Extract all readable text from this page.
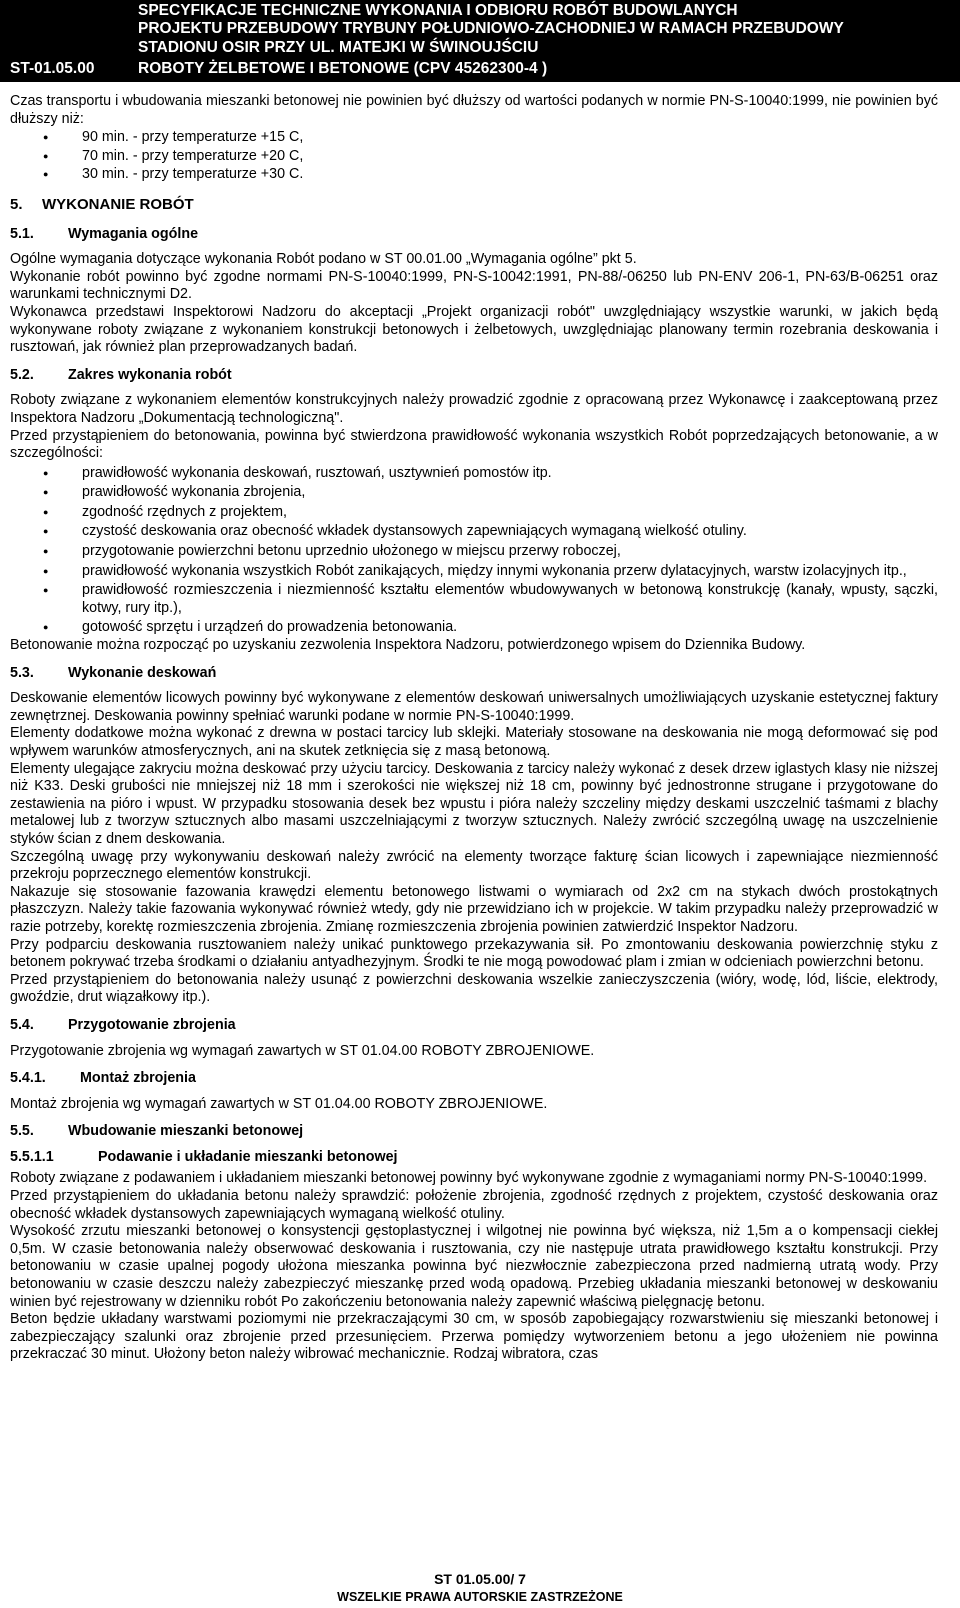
SPECYFIKACJE TECHNICZNE WYKONANIA I ODBIORU ROBÓT BUDOWLANYCH
PROJEKTU PRZEBUDOWY TRYBUNY POŁUDNIOWO-ZACHODNIEJ W RAMACH PRZEBUDOWY
STADIONU OSIR PRZY UL. MATEJKI W ŚWINOUJŚCIU
ST-01.05.00	ROBOTY ŻELBETOWE I BETONOWE (CPV 45262300-4 )

Czas transportu i wbudowania mieszanki betonowej nie powinien być dłuższy od wartości podanych w normie PN-S-10040:1999, nie powinien być dłuższy niż:

● 90 min. - przy temperaturze +15 C,
● 70 min. - przy temperaturze +20 C,
● 30 min. - przy temperaturze +30 C.
5. WYKONANIE ROBÓT
5.1. Wymagania ogólne

Ogólne wymagania dotyczące wykonania Robót podano w ST 00.01.00 „Wymagania ogólne” pkt 5.

Wykonanie robót powinno być zgodne normami PN-S-10040:1999, PN-S-10042:1991, PN-88/-06250 lub PN-ENV 206-1, PN-63/B-06251 oraz warunkami technicznymi D2.

Wykonawca przedstawi Inspektorowi Nadzoru do akceptacji „Projekt organizacji robót" uwzględniający wszystkie warunki, w jakich będą wykonywane roboty związane z wykonaniem konstrukcji betonowych i żelbetowych, uwzględniając planowany termin rozebrania deskowania i rusztowań, jak również plan przeprowadzanych badań.

5.2. Zakres wykonania robót

Roboty związane z wykonaniem elementów konstrukcyjnych należy prowadzić zgodnie z opracowaną przez Wykonawcę i zaakceptowaną przez Inspektora Nadzoru „Dokumentacją technologiczną".

Przed przystąpieniem do betonowania, powinna być stwierdzona prawidłowość wykonania wszystkich Robót poprzedzających betonowanie, a w szczególności:

● prawidłowość wykonania deskowań, rusztowań, usztywnień pomostów itp.
● prawidłowość wykonania zbrojenia,
● zgodność rzędnych z projektem,
● czystość deskowania oraz obecność wkładek dystansowych zapewniających wymaganą wielkość otuliny.
● przygotowanie powierzchni betonu uprzednio ułożonego w miejscu przerwy roboczej,
● prawidłowość wykonania wszystkich Robót zanikających, między innymi wykonania przerw dylatacyjnych, warstw izolacyjnych itp.,
● prawidłowość rozmieszczenia i niezmienność kształtu elementów wbudowywanych w betonową konstrukcję (kanały, wpusty, sączki, kotwy, rury itp.),
● gotowość sprzętu i urządzeń do prowadzenia betonowania.

Betonowanie można rozpocząć po uzyskaniu zezwolenia Inspektora Nadzoru, potwierdzonego wpisem do Dziennika Budowy.

5.3. Wykonanie deskowań

Deskowanie elementów licowych powinny być wykonywane z elementów deskowań uniwersalnych umożliwiających uzyskanie estetycznej faktury zewnętrznej. Deskowania powinny spełniać warunki podane w normie PN-S-10040:1999.

Elementy dodatkowe można wykonać z drewna w postaci tarcicy lub sklejki. Materiały stosowane na deskowania nie mogą deformować się pod wpływem warunków atmosferycznych, ani na skutek zetknięcia się z masą betonową.

Elementy ulegające zakryciu można deskować przy użyciu tarcicy. Deskowania z tarcicy należy wykonać z desek drzew iglastych klasy nie niższej niż K33. Deski grubości nie mniejszej niż 18 mm i szerokości nie większej niż 18 cm, powinny być jednostronne strugane i przygotowane do zestawienia na pióro i wpust. W przypadku stosowania desek bez wpustu i pióra należy szczeliny między deskami uszczelnić taśmami z blachy metalowej lub z tworzyw sztucznych albo masami uszczelniającymi z tworzyw sztucznych. Należy zwrócić szczególną uwagę na uszczelnienie styków ścian z dnem deskowania.

Szczególną uwagę przy wykonywaniu deskowań należy zwrócić na elementy tworzące fakturę ścian licowych i zapewniające niezmienność przekroju poprzecznego elementów konstrukcji.

Nakazuje się stosowanie fazowania krawędzi elementu betonowego listwami o wymiarach od 2x2 cm na stykach dwóch prostokątnych płaszczyzn. Należy takie fazowania wykonywać również wtedy, gdy nie przewidziano ich w projekcie. W takim przypadku należy przeprowadzić w razie potrzeby, korektę rozmieszczenia zbrojenia. Zmianę rozmieszczenia zbrojenia powinien zatwierdzić Inspektor Nadzoru.

Przy podparciu deskowania rusztowaniem należy unikać punktowego przekazywania sił. Po zmontowaniu deskowania powierzchnię styku z betonem pokrywać trzeba środkami o działaniu antyadhezyjnym. Środki te nie mogą powodować plam i zmian w odcieniach powierzchni betonu.

Przed przystąpieniem do betonowania należy usunąć z powierzchni deskowania wszelkie zanieczyszczenia (wióry, wodę, lód, liście, elektrody, gwoździe, drut wiązałkowy itp.).

5.4. Przygotowanie zbrojenia

Przygotowanie zbrojenia wg wymagań zawartych w ST 01.04.00 ROBOTY ZBROJENIOWE.

5.4.1. Montaż zbrojenia

Montaż zbrojenia wg wymagań zawartych w ST 01.04.00 ROBOTY ZBROJENIOWE.

5.5. Wbudowanie mieszanki betonowej
5.5.1.1	Podawanie i układanie mieszanki betonowej

Roboty związane z podawaniem i układaniem mieszanki betonowej powinny być wykonywane zgodnie z wymaganiami normy PN-S-10040:1999.

Przed przystąpieniem do układania betonu należy sprawdzić: położenie zbrojenia, zgodność rzędnych z projektem, czystość deskowania oraz obecność wkładek dystansowych zapewniających wymaganą wielkość otuliny.

Wysokość zrzutu mieszanki betonowej o konsystencji gęstoplastycznej i wilgotnej nie powinna być większa, niż 1,5m a o kompensacji ciekłej 0,5m. W czasie betonowania należy obserwować deskowania i rusztowania, czy nie następuje utrata prawidłowego kształtu konstrukcji. Przy betonowaniu w czasie upalnej pogody ułożona mieszanka powinna być niezwłocznie zabezpieczona przed nadmierną utratą wody. Przy betonowaniu w czasie deszczu należy zabezpieczyć mieszankę przed wodą opadową. Przebieg układania mieszanki betonowej w deskowaniu winien być rejestrowany w dzienniku robót Po zakończeniu betonowania należy zapewnić właściwą pielęgnację betonu.

Beton będzie układany warstwami poziomymi nie przekraczającymi 30 cm, w sposób zapobiegający rozwarstwieniu się mieszanki betonowej i zabezpieczający szalunki oraz zbrojenie przed przesunięciem. Przerwa pomiędzy wytworzeniem betonu a jego ułożeniem nie powinna przekraczać 30 minut. Ułożony beton należy wibrować mechanicznie. Rodzaj wibratora, czas

ST 01.05.00/ 7
WSZELKIE PRAWA AUTORSKIE ZASTRZEŻONE
